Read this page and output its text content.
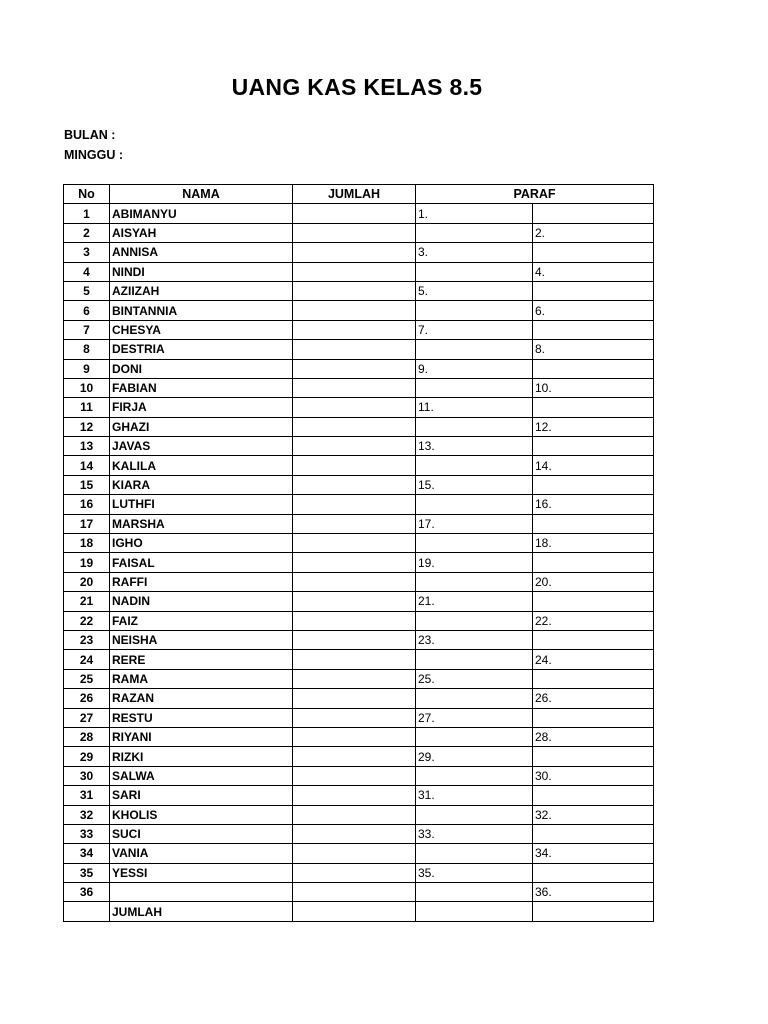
UANG KAS KELAS 8.5
BULAN :
MINGGU :
No	NAMA	JUMLAH	PARAF	
1	ABIMANYU		1.	
2	AISYAH			2.
3	ANNISA		3.	
4	NINDI			4.
5	AZIIZAH		5.	
6	BINTANNIA			6.
7	CHESYA		7.	
8	DESTRIA			8.
9	DONI		9.	
10	FABIAN			10.
11	FIRJA		11.	
12	GHAZI			12.
13	JAVAS		13.	
14	KALILA			14.
15	KIARA		15.	
16	LUTHFI			16.
17	MARSHA		17.	
18	IGHO			18.
19	FAISAL		19.	
20	RAFFI			20.
21	NADIN		21.	
22	FAIZ			22.
23	NEISHA		23.	
24	RERE			24.
25	RAMA		25.	
26	RAZAN			26.
27	RESTU		27.	
28	RIYANI			28.
29	RIZKI		29.	
30	SALWA			30.
31	SARI		31.	
32	KHOLIS			32.
33	SUCI		33.	
34	VANIA			34.
35	YESSI		35.	
36				36.
	JUMLAH			
